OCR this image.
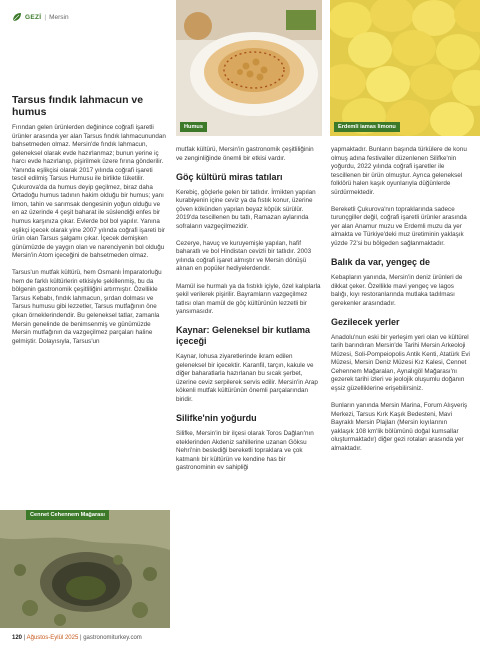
GEZİ | Mersin
Humus	Erdemli iamas limonu
Cennet Cehennem Mağarası
Tarsus fındık lahmacun ve humus

Fırından gelen ürünlerden değinince coğrafi işaretli ürünler arasında yer alan Tarsus fındık lahmacunundan bahsetmeden olmaz. Mersin'de fındık lahmacun, geleneksel olarak evde hazırlanmaz; bunun yerine iç harcı evde hazırlanıp, pişirilmek üzere fırına gönderilir. Yanında eşlikçisi olarak 2017 yılında coğrafi işareti tescil edilmiş Tarsus Humusu ile birlikte tüketilir. Çukurova'da da humus deyip geçilmez, biraz daha Ortadoğu humus tadının hakim olduğu bir humus; yanı limon, tahin ve sarımsak dengesinin yoğun olduğu ve en az üzerinde 4 çeşit baharat ile süslendiği enfes bir humus karşınıza çıkar. Evlerde bol bol yapılır. Yanına eşlikçi içecek olarak yine 2007 yılında coğrafi işareti bir ürün olan Tarsus şalgamı çıkar. İçecek demişken günümüzde de yaygın olan ve narenciyenin bol olduğu Mersin'in Atom içeceğini de bahsetmeden olmaz.

Tarsus'un mutfak kültürü, hem Osmanlı İmparatorluğu hem de farklı kültürlerin etkisiyle şekillenmiş, bu da bölgenin gastronomik çeşitliliğini artırmıştır. Özellikle Tarsus Kebabı, fındık lahmacun, şırdan dolması ve Tarsus humusu gibi lezzetler, Tarsus mutfağının öne çıkan örneklerindendir. Bu geleneksel tatlar, zamanla Mersin genelinde de benimsenmiş ve günümüzde Mersin mutfağının da vazgeçilmez parçaları haline gelmiştir. Dolayısıyla, Tarsus'un

mutfak kültürü, Mersin'in gastronomik çeşitliliğinin ve zenginliğinde önemli bir etkisi vardır.

Göç kültürü miras tatıları

Kerebiç, göçlerle gelen bir tatlıdır. İrmikten yapılan kurabiyenin içine ceviz ya da fıstık konur, üzerine çöven kökünden yapılan beyaz köpük sürülür. 2019'da tescillenen bu tatlı, Ramazan aylarında sofraların vazgeçilmezidir.

Cezerye, havuç ve kuruyemişle yapılan, hafif baharatlı ve bol Hindistan cevizli bir tatlıdır. 2003 yılında coğrafi işaret almıştır ve Mersin dönüşü alınan en popüler hediyelerdendir.

Mamül ise hurmalı ya da fıstıklı içiyle, özel kalıplarla şekil verilerek pişirilir. Bayramların vazgeçilmez tatlısı olan mamül de göç kültürünün lezzetli bir yansımasıdır.

Kaynar: Geleneksel bir kutlama içeceği

Kaynar, lohusa ziyaretlerinde ikram edilen geleneksel bir içecektir. Karanfil, tarçın, kakule ve diğer baharatlarla hazırlanan bu sıcak şerbet, üzerine ceviz serpilerek servis edilir. Mersin'in Arap kökenli mutfak kültürünün önemli parçalarından biridir.

Silifke'nin yoğurdu

Silifke, Mersin'in bir ilçesi olarak Toros Dağları'nın eteklerinden Akdeniz sahillerine uzanan Göksu Nehri'nin beslediği bereketli topraklara ve çok katmanlı bir kültürün ve kendine has bir gastronominin ev sahipliği

yapmaktadır. Bunların başında türkülere de konu olmuş adına festivaller düzenlenen Silifke'nin yoğurdu, 2022 yılında coğrafi işaretler ile tescillenen bir ürün olmuştur. Ayrıca geleneksel folklörü halen kaşık oyunlarıyla düğünlerde sürdürmektedir.

Bereketli Çukurova'nın topraklarında sadece turunçgiller değil, coğrafi işaretli ürünler arasında yer alan Anamur muzu ve Erdemli muzu da yer almakta ve Türkiye'deki muz üretiminin yaklaşık yüzde 72'si bu bölgeden sağlanmaktadır.

Balık da var, yengeç de

Kebapların yanında, Mersin'in deniz ürünleri de dikkat çeker. Özellikle mavi yengeç ve lagos balığı, kıyı restoranlarında mutlaka tadılması gerekenler arasındadır.

Gezilecek yerler

Anadolu'nun eski bir yerleşim yeri olan ve kültürel tarih barındıran Mersin'de Tarihi Mersin Arkeoloji Müzesi, Soli-Pompeiopolis Antik Kenti, Atatürk Evi Müzesi, Mersin Deniz Müzesi Kız Kalesi, Cennet Cehennem Mağaraları, Aynalıgöl Mağarası'nı gezerek tarihi izleri ve jeolojik oluşumlu doğanın eşsiz güzelliklerine erişebilirsiniz.

Bunların yanında Mersin Marina, Forum Alışveriş Merkezi, Tarsus Kırk Kaşık Bedesteni, Mavi Bayraklı Mersin Plajları (Mersin kıyılarının yaklaşık 108 km'lik bölümünü doğal kumsallar oluşturmaktadır) diğer gezi rotaları arasında yer almaktadır.

120 | Ağustos-Eylül 2025 | gastronomiturkey.com
